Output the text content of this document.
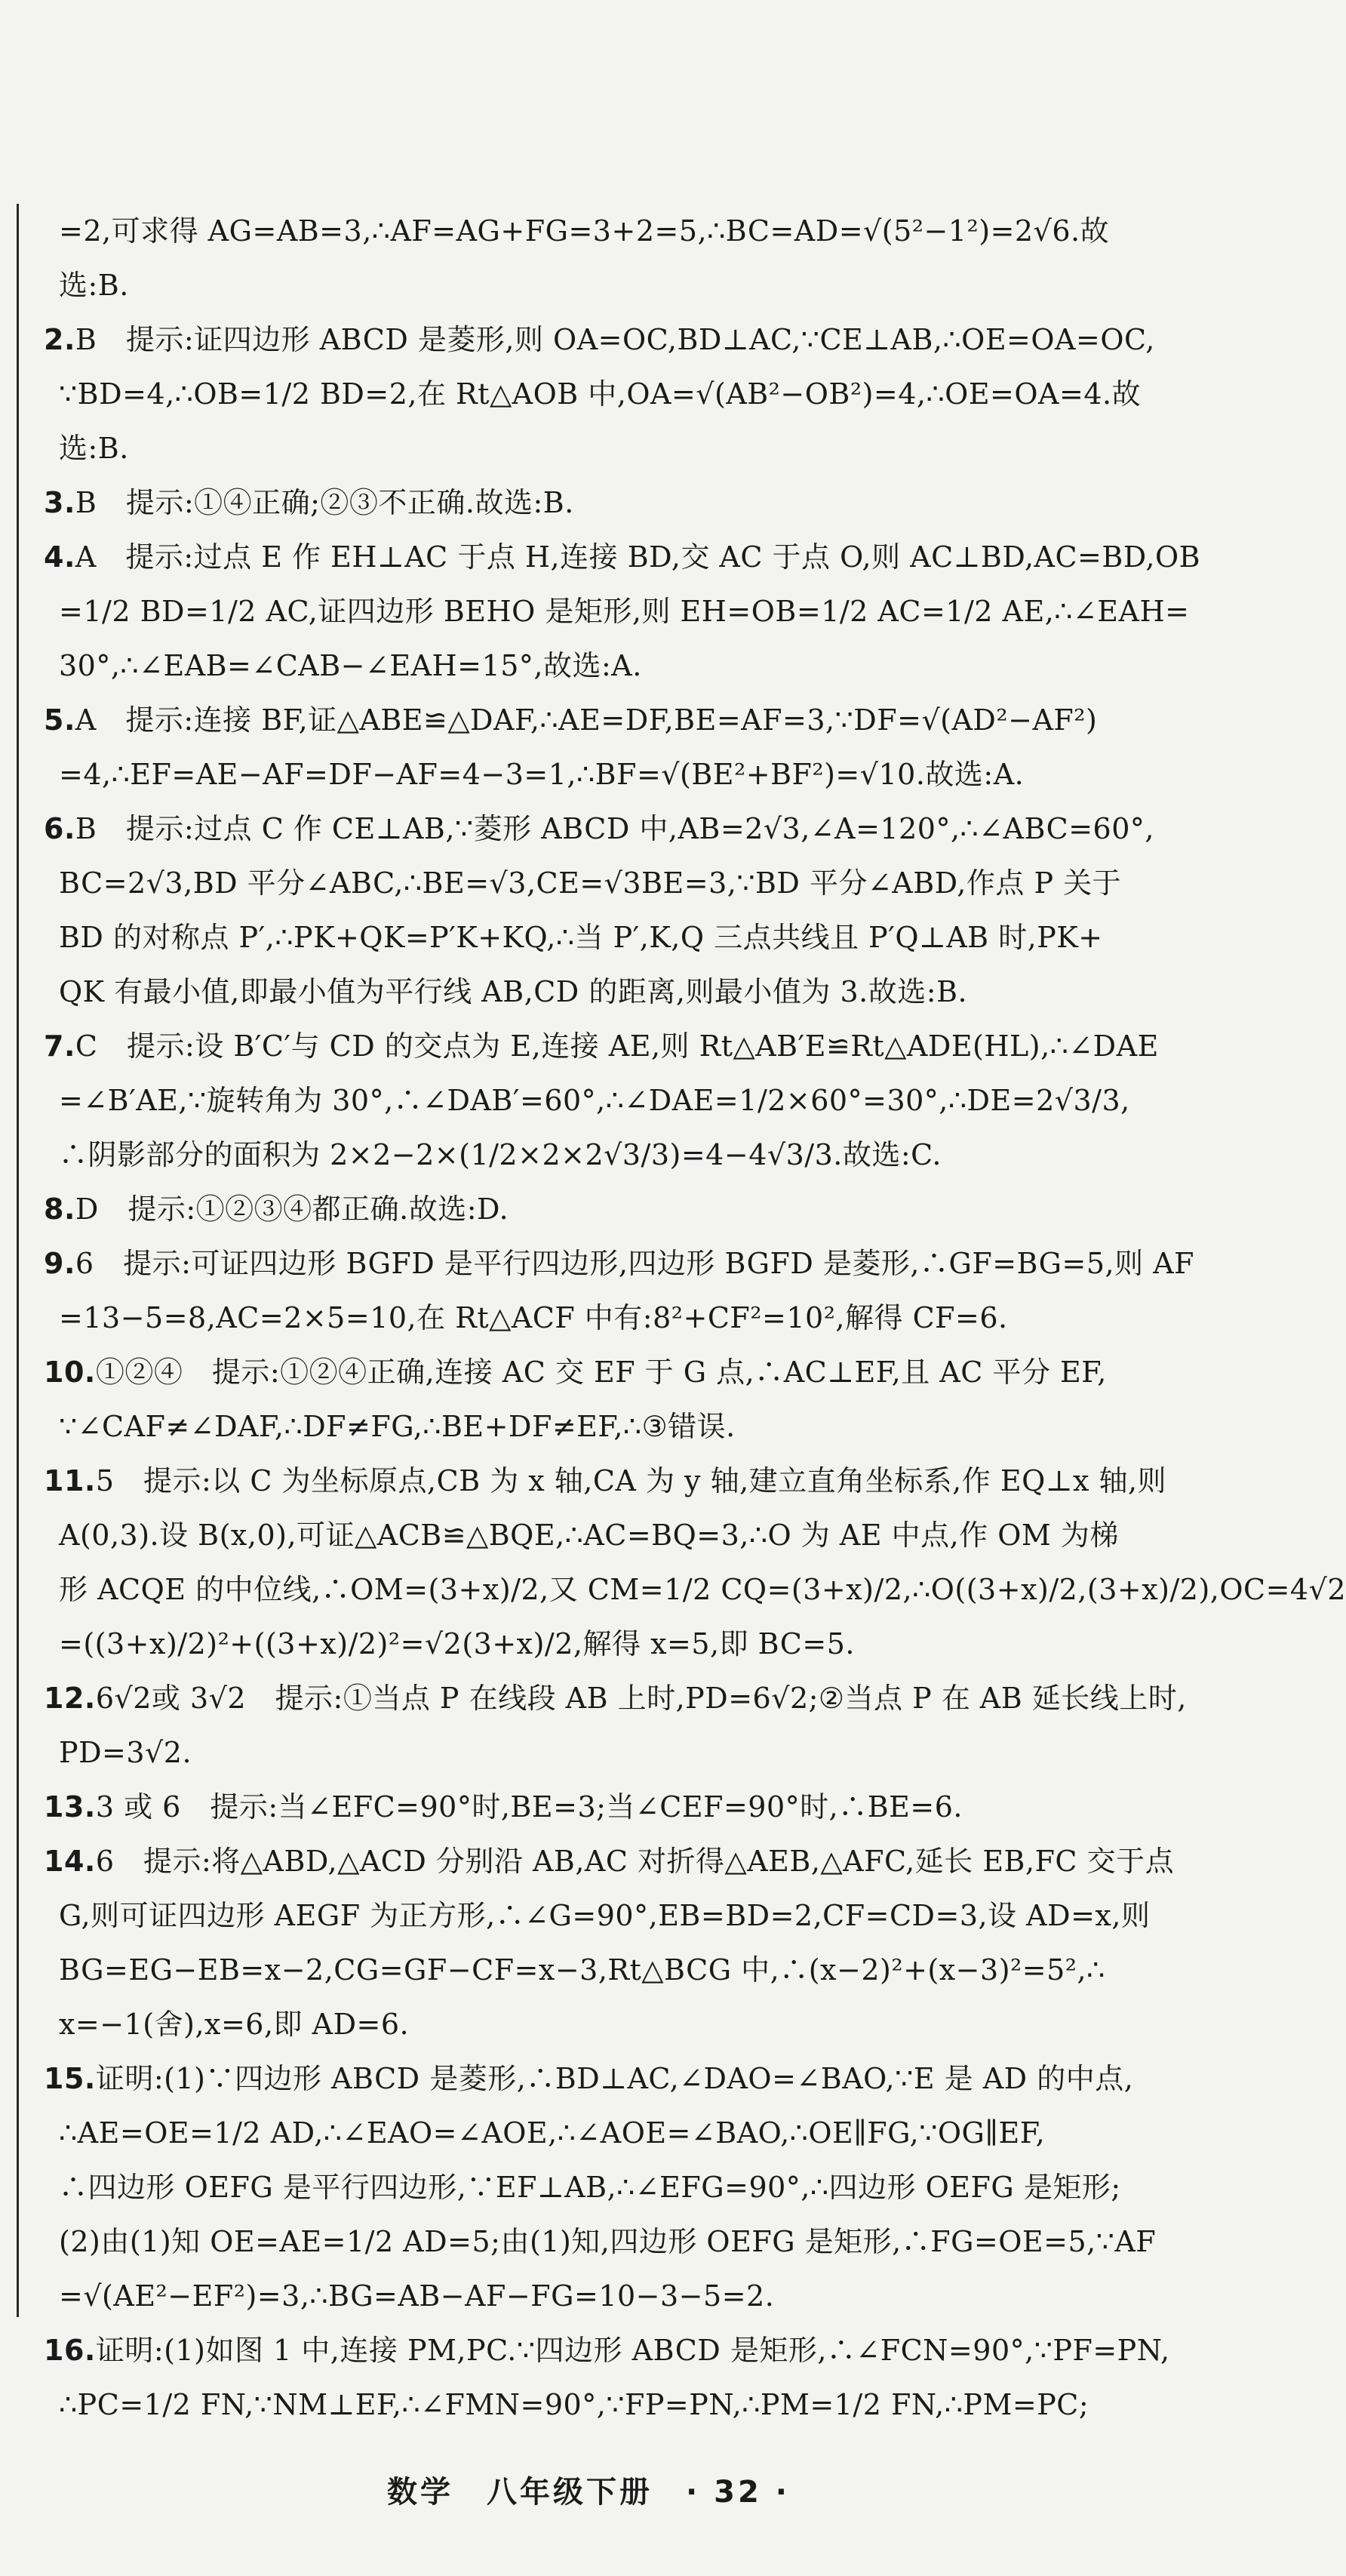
=2,可求得 AG=AB=3,∴AF=AG+FG=3+2=5,∴BC=AD=√(5²−1²)=2√6.故
选:B.
2.B　提示:证四边形 ABCD 是菱形,则 OA=OC,BD⊥AC,∵CE⊥AB,∴OE=OA=OC,
∵BD=4,∴OB=1/2 BD=2,在 Rt△AOB 中,OA=√(AB²−OB²)=4,∴OE=OA=4.故
选:B.
3.B　提示:①④正确;②③不正确.故选:B.
4.A　提示:过点 E 作 EH⊥AC 于点 H,连接 BD,交 AC 于点 O,则 AC⊥BD,AC=BD,OB
=1/2 BD=1/2 AC,证四边形 BEHO 是矩形,则 EH=OB=1/2 AC=1/2 AE,∴∠EAH=
30°,∴∠EAB=∠CAB−∠EAH=15°,故选:A.
5.A　提示:连接 BF,证△ABE≌△DAF,∴AE=DF,BE=AF=3,∵DF=√(AD²−AF²)
=4,∴EF=AE−AF=DF−AF=4−3=1,∴BF=√(BE²+BF²)=√10.故选:A.
6.B　提示:过点 C 作 CE⊥AB,∵菱形 ABCD 中,AB=2√3,∠A=120°,∴∠ABC=60°,
BC=2√3,BD 平分∠ABC,∴BE=√3,CE=√3BE=3,∵BD 平分∠ABD,作点 P 关于
BD 的对称点 P′,∴PK+QK=P′K+KQ,∴当 P′,K,Q 三点共线且 P′Q⊥AB 时,PK+
QK 有最小值,即最小值为平行线 AB,CD 的距离,则最小值为 3.故选:B.
7.C　提示:设 B′C′与 CD 的交点为 E,连接 AE,则 Rt△AB′E≌Rt△ADE(HL),∴∠DAE
=∠B′AE,∵旋转角为 30°,∴∠DAB′=60°,∴∠DAE=1/2×60°=30°,∴DE=2√3/3,
∴阴影部分的面积为 2×2−2×(1/2×2×2√3/3)=4−4√3/3.故选:C.
8.D　提示:①②③④都正确.故选:D.
9.6　提示:可证四边形 BGFD 是平行四边形,四边形 BGFD 是菱形,∴GF=BG=5,则 AF
=13−5=8,AC=2×5=10,在 Rt△ACF 中有:8²+CF²=10²,解得 CF=6.
10.①②④　提示:①②④正确,连接 AC 交 EF 于 G 点,∴AC⊥EF,且 AC 平分 EF,
∵∠CAF≠∠DAF,∴DF≠FG,∴BE+DF≠EF,∴③错误.
11.5　提示:以 C 为坐标原点,CB 为 x 轴,CA 为 y 轴,建立直角坐标系,作 EQ⊥x 轴,则
A(0,3).设 B(x,0),可证△ACB≌△BQE,∴AC=BQ=3,∴O 为 AE 中点,作 OM 为梯
形 ACQE 的中位线,∴OM=(3+x)/2,又 CM=1/2 CQ=(3+x)/2,∴O((3+x)/2,(3+x)/2),OC=4√2
=((3+x)/2)²+((3+x)/2)²=√2(3+x)/2,解得 x=5,即 BC=5.
12.6√2或 3√2　提示:①当点 P 在线段 AB 上时,PD=6√2;②当点 P 在 AB 延长线上时,
PD=3√2.
13.3 或 6　提示:当∠EFC=90°时,BE=3;当∠CEF=90°时,∴BE=6.
14.6　提示:将△ABD,△ACD 分别沿 AB,AC 对折得△AEB,△AFC,延长 EB,FC 交于点
G,则可证四边形 AEGF 为正方形,∴∠G=90°,EB=BD=2,CF=CD=3,设 AD=x,则
BG=EG−EB=x−2,CG=GF−CF=x−3,Rt△BCG 中,∴(x−2)²+(x−3)²=5²,∴
x=−1(舍),x=6,即 AD=6.
15.证明:(1)∵四边形 ABCD 是菱形,∴BD⊥AC,∠DAO=∠BAO,∵E 是 AD 的中点,
∴AE=OE=1/2 AD,∴∠EAO=∠AOE,∴∠AOE=∠BAO,∴OE∥FG,∵OG∥EF,
∴四边形 OEFG 是平行四边形,∵EF⊥AB,∴∠EFG=90°,∴四边形 OEFG 是矩形;
(2)由(1)知 OE=AE=1/2 AD=5;由(1)知,四边形 OEFG 是矩形,∴FG=OE=5,∵AF
=√(AE²−EF²)=3,∴BG=AB−AF−FG=10−3−5=2.
16.证明:(1)如图 1 中,连接 PM,PC.∵四边形 ABCD 是矩形,∴∠FCN=90°,∵PF=PN,
∴PC=1/2 FN,∵NM⊥EF,∴∠FMN=90°,∵FP=PN,∴PM=1/2 FN,∴PM=PC;
数学　八年级下册　· 32 ·
